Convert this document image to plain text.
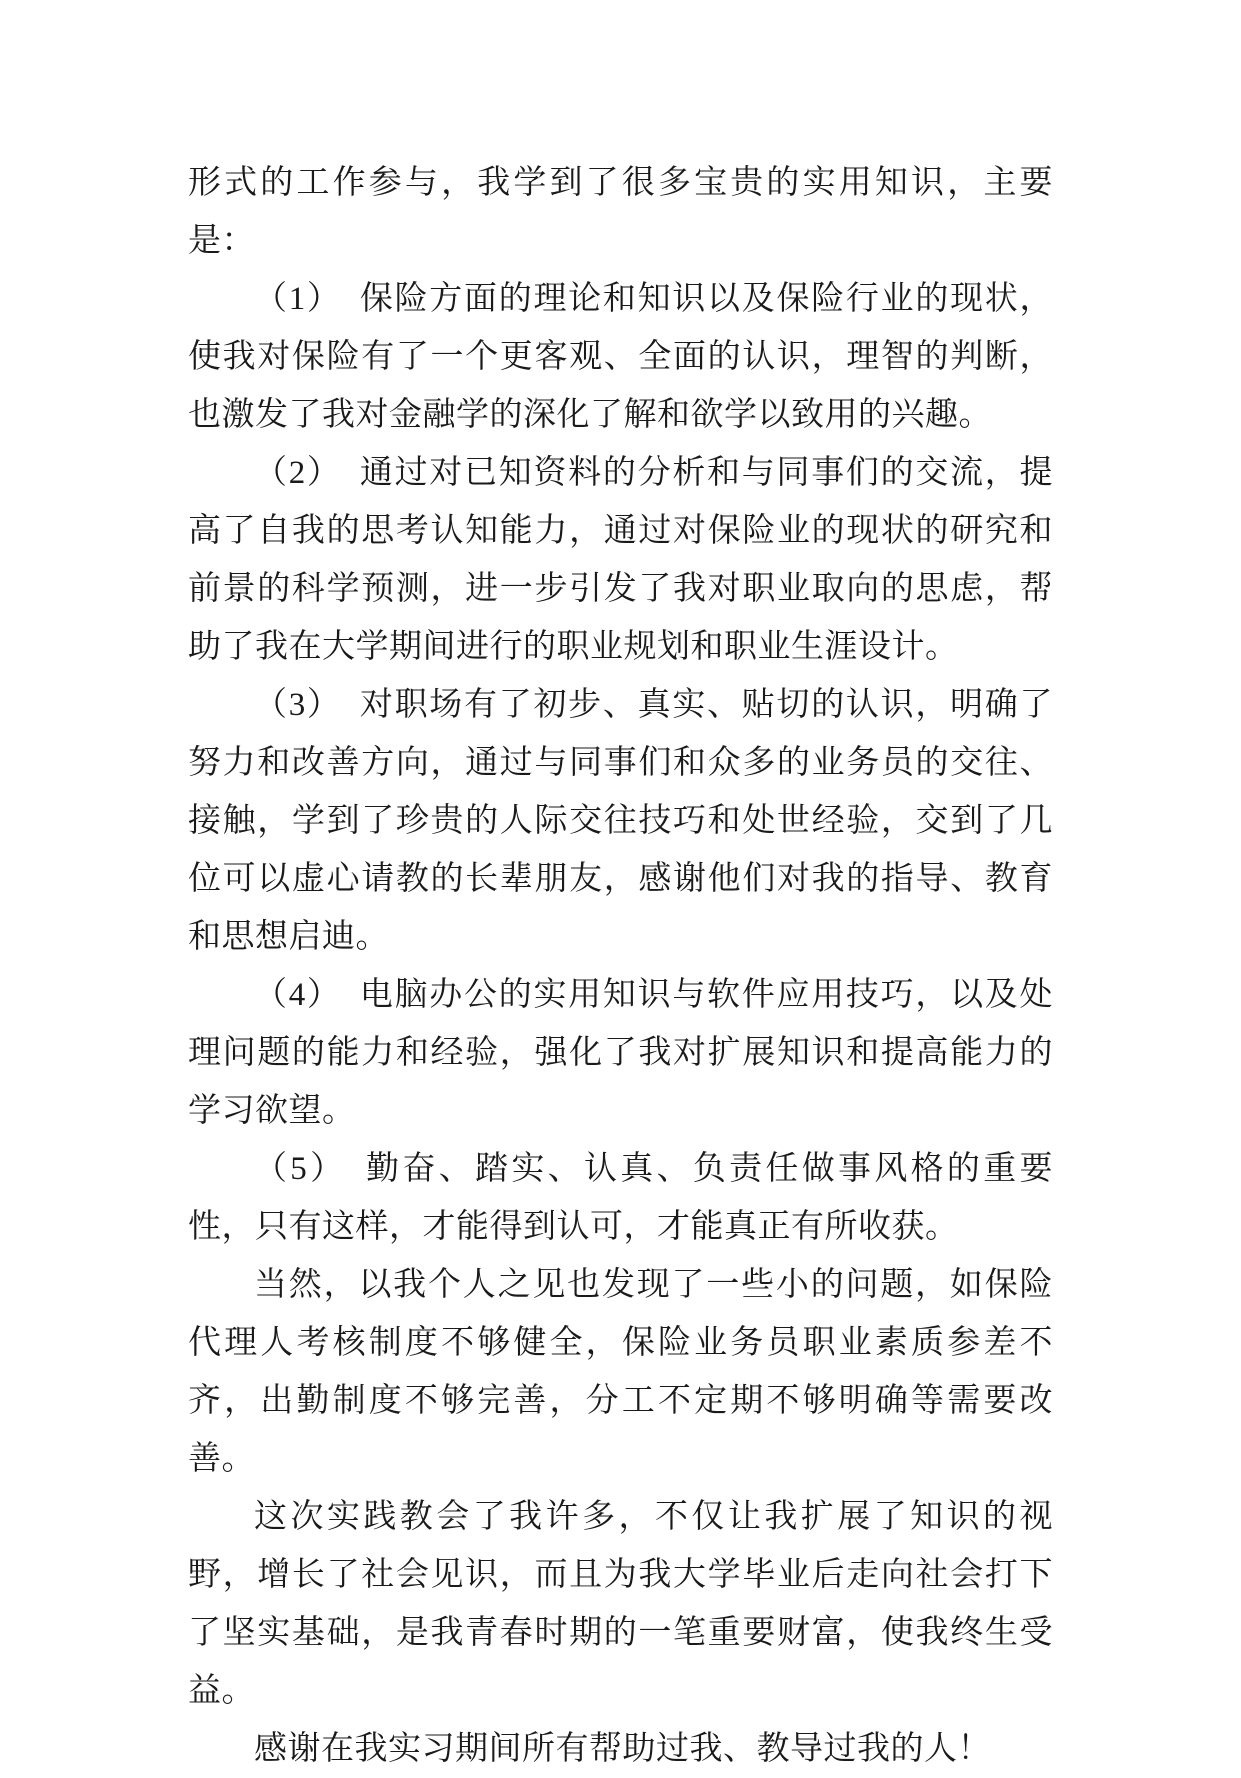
形式的工作参与，我学到了很多宝贵的实用知识，主要是：

（1）　保险方面的理论和知识以及保险行业的现状，使我对保险有了一个更客观、全面的认识，理智的判断，也激发了我对金融学的深化了解和欲学以致用的兴趣。

（2）　通过对已知资料的分析和与同事们的交流，提高了自我的思考认知能力，通过对保险业的现状的研究和前景的科学预测，进一步引发了我对职业取向的思虑，帮助了我在大学期间进行的职业规划和职业生涯设计。

（3）　对职场有了初步、真实、贴切的认识，明确了努力和改善方向，通过与同事们和众多的业务员的交往、接触，学到了珍贵的人际交往技巧和处世经验，交到了几位可以虚心请教的长辈朋友，感谢他们对我的指导、教育和思想启迪。

（4）　电脑办公的实用知识与软件应用技巧，以及处理问题的能力和经验，强化了我对扩展知识和提高能力的学习欲望。

（5）　勤奋、踏实、认真、负责任做事风格的重要性，只有这样，才能得到认可，才能真正有所收获。

当然，以我个人之见也发现了一些小的问题，如保险代理人考核制度不够健全，保险业务员职业素质参差不齐，出勤制度不够完善，分工不定期不够明确等需要改善。

这次实践教会了我许多，不仅让我扩展了知识的视野，增长了社会见识，而且为我大学毕业后走向社会打下了坚实基础，是我青春时期的一笔重要财富，使我终生受益。

感谢在我实习期间所有帮助过我、教导过我的人！
